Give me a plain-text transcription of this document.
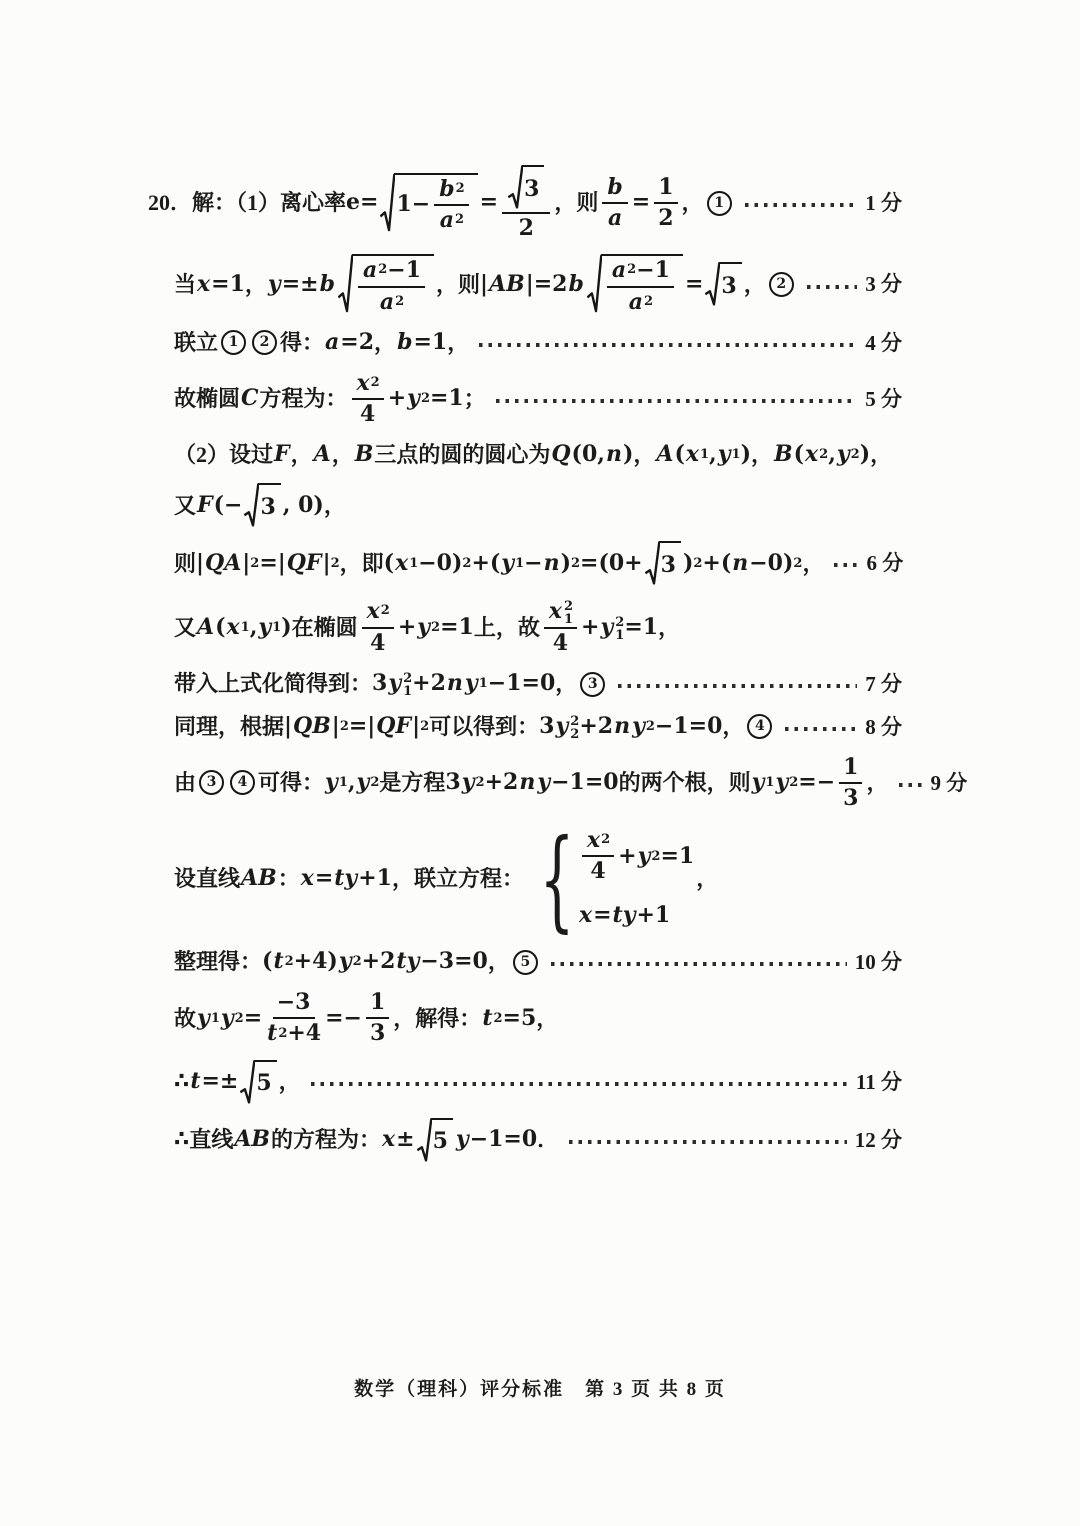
20．解：（1）离心率 $e= 1- \frac{b 2}{a 2} = \frac{3}{2}$ ，则 $\frac{b}{a} = \frac{1}{2}$ ， 1	1 分
当 x =1 ， y =± b $\frac{a 2 -1}{a 2}$ ，则 | AB |=2 b $\frac{a 2 -1}{a 2} = 3$ ， 2	3 分
联立 1	2 得： a =2 ， b =1 ，	4 分
故椭圆 C 方程为： $\frac{x 2}{4} + y$ 2 =1 ；	5 分
（2）设过 F ， A ， B 三点的圆的圆心为 Q (0, n ) ， A ( x 1 , y 1 ) ， B ( x 2 , y 2 ) ，
又 F (− 3 , 0) ，
则 | QA | 2 =| QF | 2 ，即 ( x 1 −0) 2 +( y 1 − n ) 2 =(0+ 3 ) 2 +( n −0) 2 ， 6 分
又 A ( x 1 , y 1 ) 在椭圆 $\frac{x 2}{4} + y$ 2 =1 上，故 x 2
1
4 + y 2
1 =1 ，
带入上式化简得到： 3 y 2
1 +2 n y 1 −1=0 ， 3	7 分
同理，根据 | QB | 2 =| QF | 2 可以得到： 3 y 2
2 +2 n y 2 −1=0 ， 4	8 分
由 3	4 可得： y 1 , y 2 是方程 3 y 2 +2 n y −1=0 的两个根，则 y 1 y $2 =- \frac{1}{3}$ ， 9 分
设直线 AB ： x = ty +1 ，联立方程： { $\frac{x 2}{4} + y$ 2 =1
x = ty +1
，
整理得： ( t 2 +4) y 2 +2 ty −3=0 ， 5	10 分
故 y 1 y $2 = \frac{-3}{t 2 +4} =- \frac{1}{3}$ ，解得： t 2 =5 ，
∴ t =± 5 ，	11 分
∴ 直线 AB 的方程为： x ± 5 y −1=0 ．	12 分
数学（理科）评分标准　第 3 页 共 8 页
